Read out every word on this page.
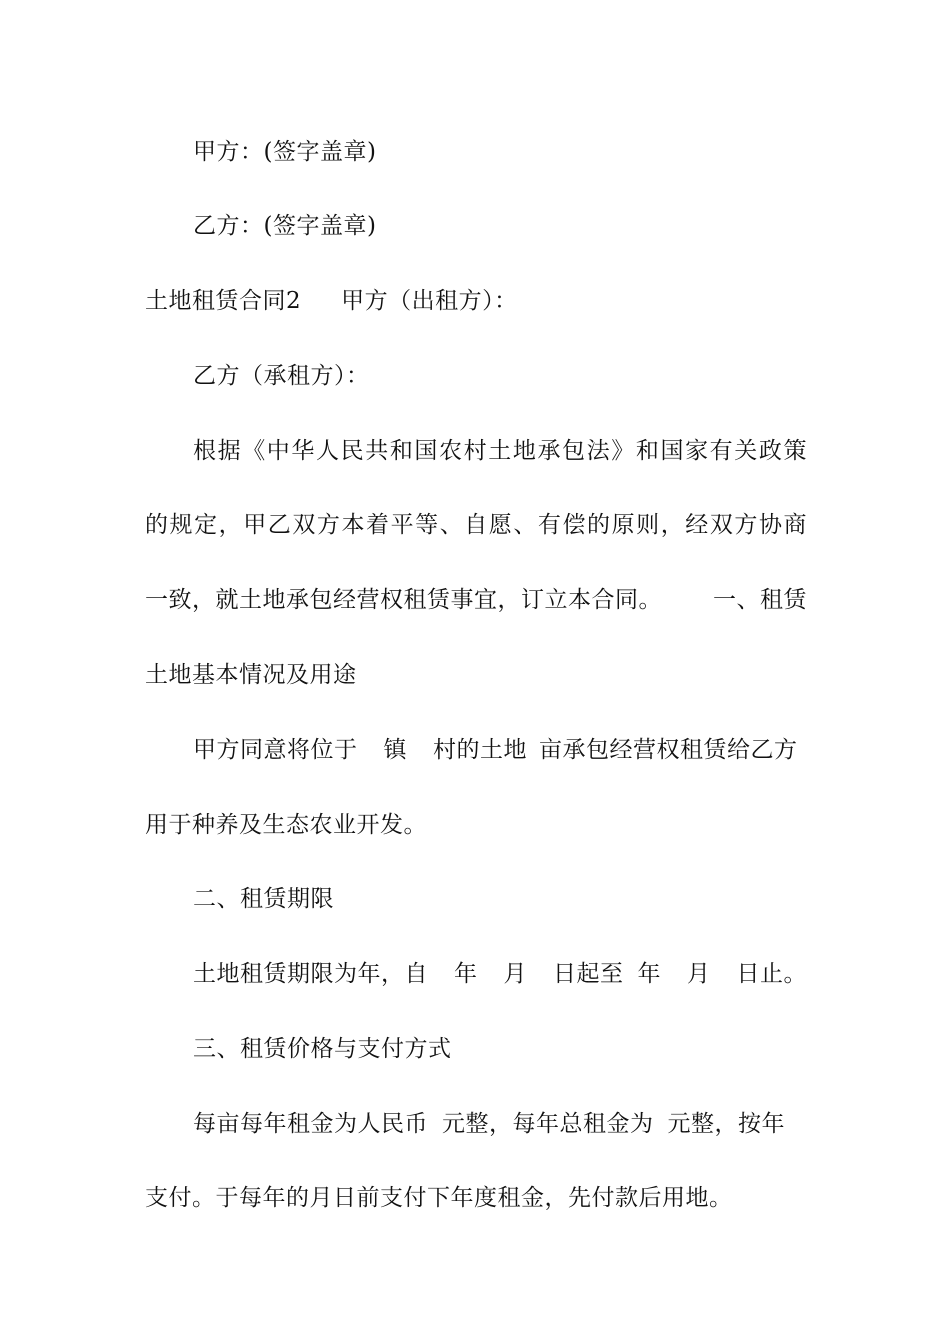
甲方：(签字盖章)
乙方：(签字盖章)
土地租赁合同2 甲方（出租方）：
乙方（承租方）：
根据《中华人民共和国农村土地承包法》和国家有关政策
的规定，甲乙双方本着平等、自愿、有偿的原则，经双方协商
一致，就土地承包经营权租赁事宜，订立本合同。 一、租赁
土地基本情况及用途
甲方同意将位于 镇 村的土地 亩承包经营权租赁给乙方
用于种养及生态农业开发。
二、租赁期限
土地租赁期限为年，自 年 月 日起至 年 月 日止。
三、租赁价格与支付方式
每亩每年租金为人民币 元整，每年总租金为 元整，按年
支付。于每年的月日前支付下年度租金，先付款后用地。
